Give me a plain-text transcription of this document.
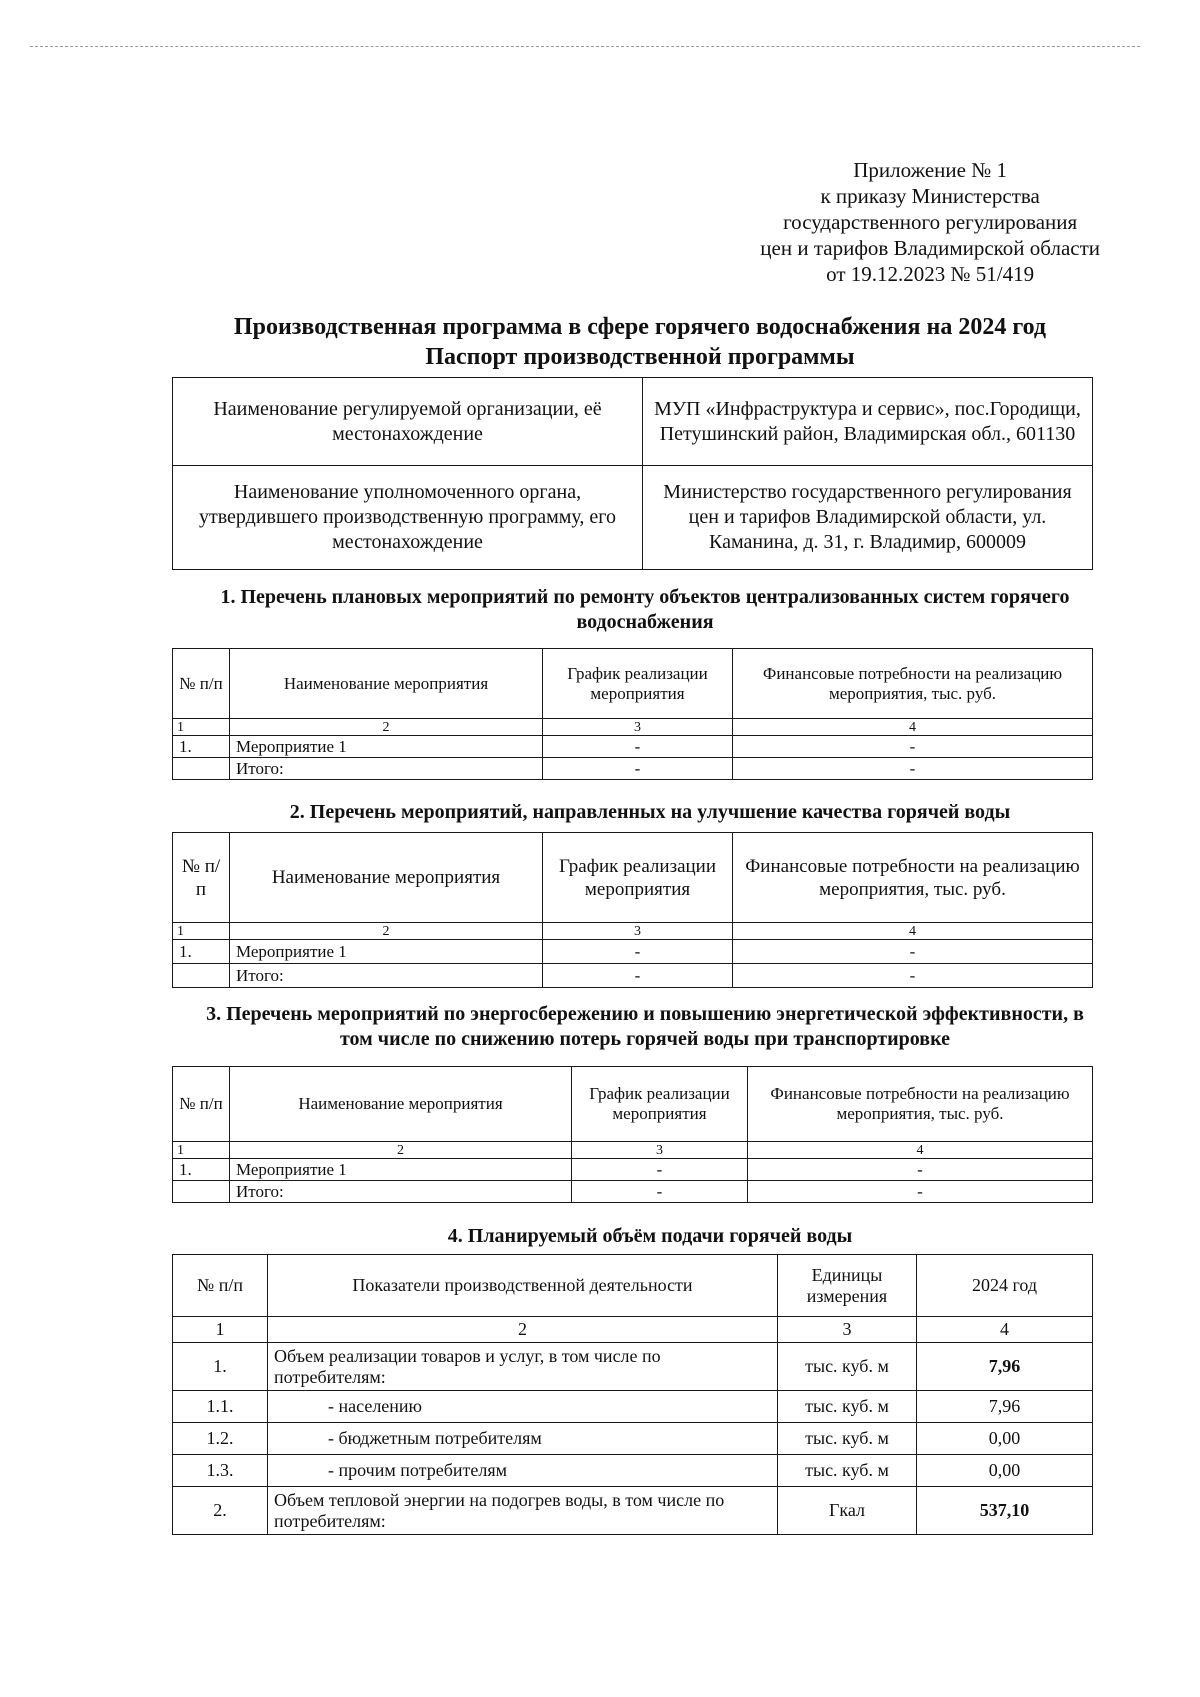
Приложение № 1
к приказу Министерства
государственного регулирования
цен и тарифов Владимирской области
от 19.12.2023 № 51/419
Производственная программа в сфере горячего водоснабжения на 2024 год
Паспорт производственной программы
Наименование регулируемой организации, её местонахождение	МУП «Инфраструктура и сервис», пос.Городищи, Петушинский район, Владимирская обл., 601130
Наименование уполномоченного органа, утвердившего производственную программу, его местонахождение	Министерство государственного регулирования цен и тарифов Владимирской области, ул. Каманина, д. 31, г. Владимир, 600009
1. Перечень плановых мероприятий по ремонту объектов централизованных систем горячего водоснабжения
№ п/п	Наименование мероприятия	График реализации мероприятия	Финансовые потребности на реализацию мероприятия, тыс. руб.
1	2	3	4
1.	Мероприятие 1	-	-
	Итого:	-	-
2. Перечень мероприятий, направленных на улучшение качества горячей воды
№ п/п	Наименование мероприятия	График реализации мероприятия	Финансовые потребности на реализацию мероприятия, тыс. руб.
1	2	3	4
1.	Мероприятие 1	-	-
	Итого:	-	-
3. Перечень мероприятий по энергосбережению и повышению энергетической эффективности, в том числе по снижению потерь горячей воды при транспортировке
№ п/п	Наименование мероприятия	График реализации мероприятия	Финансовые потребности на реализацию мероприятия, тыс. руб.
1	2	3	4
1.	Мероприятие 1	-	-
	Итого:	-	-
4. Планируемый объём подачи горячей воды
№ п/п	Показатели производственной деятельности	Единицы измерения	2024 год
1	2	3	4
1.	Объем реализации товаров и услуг, в том числе по потребителям:	тыс. куб. м	7,96
1.1.	- населению	тыс. куб. м	7,96
1.2.	- бюджетным потребителям	тыс. куб. м	0,00
1.3.	- прочим потребителям	тыс. куб. м	0,00
2.	Объем тепловой энергии на подогрев воды, в том числе по потребителям:	Гкал	537,10
